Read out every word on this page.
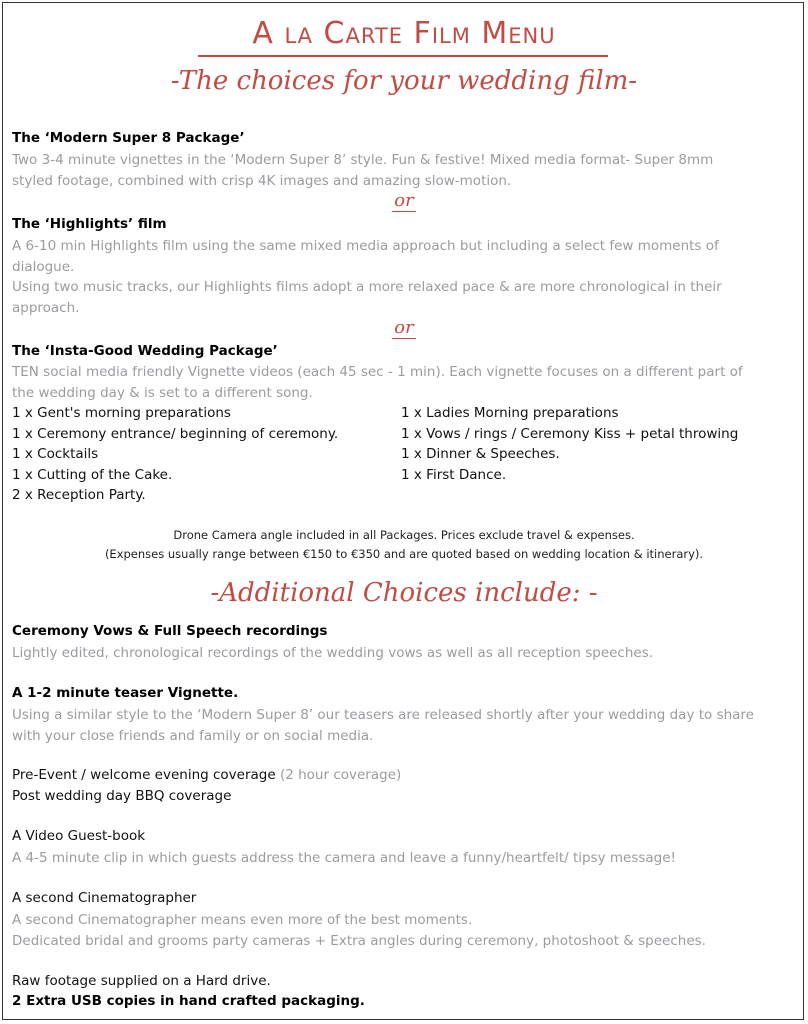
A la Carte Film Menu
-The choices for your wedding film-
The ‘Modern Super 8 Package’
Two 3-4 minute vignettes in the ‘Modern Super 8’ style. Fun & festive! Mixed media format- Super 8mm
styled footage, combined with crisp 4K images and amazing slow-motion.
or
The ‘Highlights’ film
A 6-10 min Highlights film using the same mixed media approach but including a select few moments of
dialogue.
Using two music tracks, our Highlights films adopt a more relaxed pace & are more chronological in their
approach.
or
The ‘Insta-Good Wedding Package’
TEN social media friendly Vignette videos (each 45 sec - 1 min). Each vignette focuses on a different part of
the wedding day & is set to a different song.
1 x Gent's morning preparations
1 x Ceremony entrance/ beginning of ceremony.
1 x Cocktails
1 x Cutting of the Cake.
2 x Reception Party.
1 x Ladies Morning preparations
1 x Vows / rings / Ceremony Kiss + petal throwing
1 x Dinner & Speeches.
1 x First Dance.
Drone Camera angle included in all Packages. Prices exclude travel & expenses.
(Expenses usually range between €150 to €350 and are quoted based on wedding location & itinerary).
-Additional Choices include: -
Ceremony Vows & Full Speech recordings
Lightly edited, chronological recordings of the wedding vows as well as all reception speeches.
A 1-2 minute teaser Vignette.
Using a similar style to the ‘Modern Super 8’ our teasers are released shortly after your wedding day to share
with your close friends and family or on social media.
Pre-Event / welcome evening coverage (2 hour coverage)
Post wedding day BBQ coverage
A Video Guest-book
A 4-5 minute clip in which guests address the camera and leave a funny/heartfelt/ tipsy message!
A second Cinematographer
A second Cinematographer means even more of the best moments.
Dedicated bridal and grooms party cameras + Extra angles during ceremony, photoshoot & speeches.
Raw footage supplied on a Hard drive.
2 Extra USB copies in hand crafted packaging.
